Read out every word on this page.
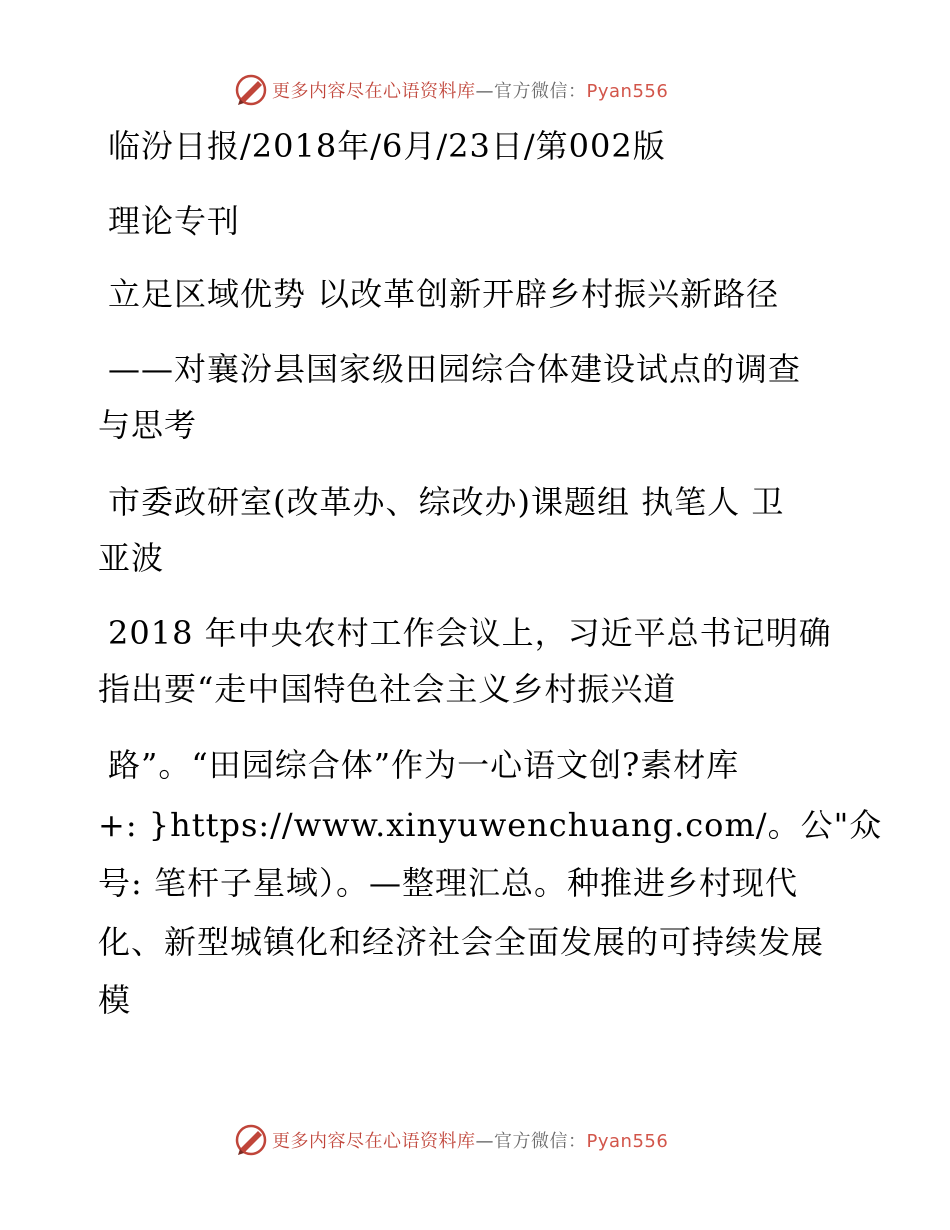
更多内容尽在心语资料库—官方微信：Pyan556
临汾日报/2018年/6月/23日/第002版
理论专刊
立足区域优势 以改革创新开辟乡村振兴新路径
——对襄汾县国家级田园综合体建设试点的调查
与思考
市委政研室(改革办、综改办)课题组 执笔人 卫
亚波
2018 年中央农村工作会议上，习近平总书记明确
指出要“走中国特色社会主义乡村振兴道
路”。“田园综合体”作为一心语文创?素材库
+: }https://www.xinyuwenchuang.com/。公"众
号: 笔杆子星域）。—整理汇总。种推进乡村现代
化、新型城镇化和经济社会全面发展的可持续发展
模
更多内容尽在心语资料库—官方微信：Pyan556
